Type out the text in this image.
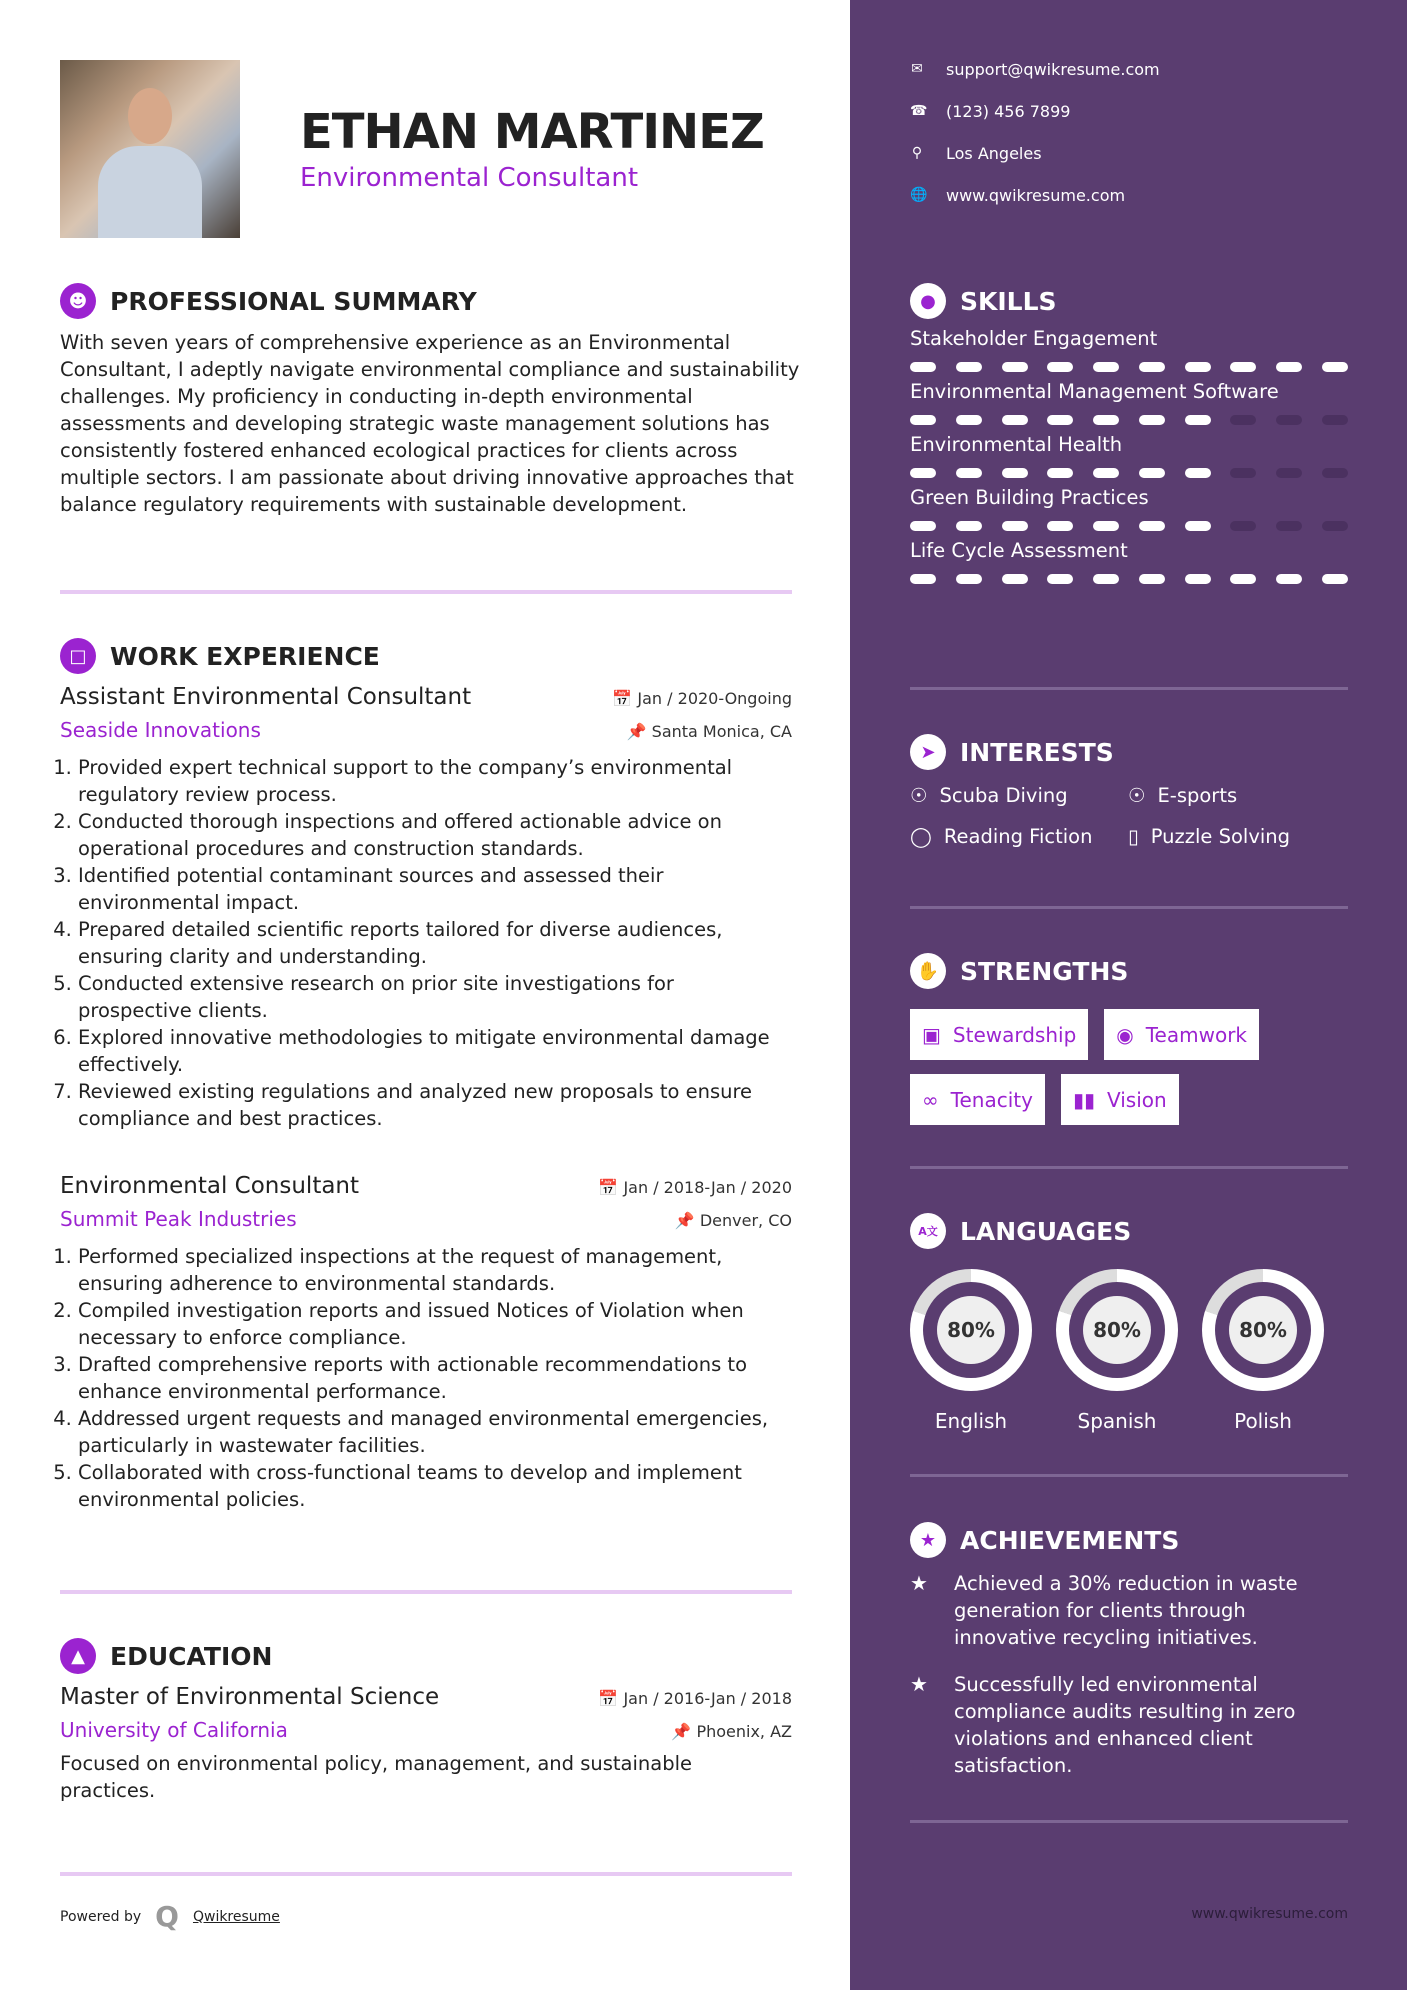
ETHAN MARTINEZ
Environmental Consultant
☻ PROFESSIONAL SUMMARY

With seven years of comprehensive experience as an Environmental Consultant, I adeptly navigate environmental compliance and sustainability challenges. My proficiency in conducting in-depth environmental assessments and developing strategic waste management solutions has consistently fostered enhanced ecological practices for clients across multiple sectors. I am passionate about driving innovative approaches that balance regulatory requirements with sustainable development.

□ WORK EXPERIENCE
Assistant Environmental Consultant	📅 Jan / 2020-Ongoing
Seaside Innovations	📌 Santa Monica, CA
1. Provided expert technical support to the company’s environmental regulatory review process.
2. Conducted thorough inspections and offered actionable advice on operational procedures and construction standards.
3. Identified potential contaminant sources and assessed their environmental impact.
4. Prepared detailed scientific reports tailored for diverse audiences, ensuring clarity and understanding.
5. Conducted extensive research on prior site investigations for prospective clients.
6. Explored innovative methodologies to mitigate environmental damage effectively.
7. Reviewed existing regulations and analyzed new proposals to ensure compliance and best practices.
Environmental Consultant	📅 Jan / 2018-Jan / 2020
Summit Peak Industries	📌 Denver, CO
1. Performed specialized inspections at the request of management, ensuring adherence to environmental standards.
2. Compiled investigation reports and issued Notices of Violation when necessary to enforce compliance.
3. Drafted comprehensive reports with actionable recommendations to enhance environmental performance.
4. Addressed urgent requests and managed environmental emergencies, particularly in wastewater facilities.
5. Collaborated with cross-functional teams to develop and implement environmental policies.
▲	EDUCATION
Master of Environmental Science	📅 Jan / 2016-Jan / 2018
University of California	📌 Phoenix, AZ

Focused on environmental policy, management, and sustainable practices.

Powered by Q Qwikresume
✉ support@qwikresume.com
☎ (123) 456 7899
⚲ Los Angeles
🌐 www.qwikresume.com
● SKILLS
Stakeholder Engagement
Environmental Management Software
Environmental Health
Green Building Practices
Life Cycle Assessment
➤ INTERESTS
☉ Scuba Diving	☉ E-sports
◯ Reading Fiction ▯ Puzzle Solving
✋ STRENGTHS
▣ Stewardship ◉ Teamwork
∞ Tenacity ▮▮ Vision
A文 LANGUAGES
80%
English
80%
Spanish
80%
Polish
★ ACHIEVEMENTS
★	Achieved a 30% reduction in waste generation for clients through innovative recycling initiatives.
★	Successfully led environmental compliance audits resulting in zero violations and enhanced client satisfaction.
www.qwikresume.com
